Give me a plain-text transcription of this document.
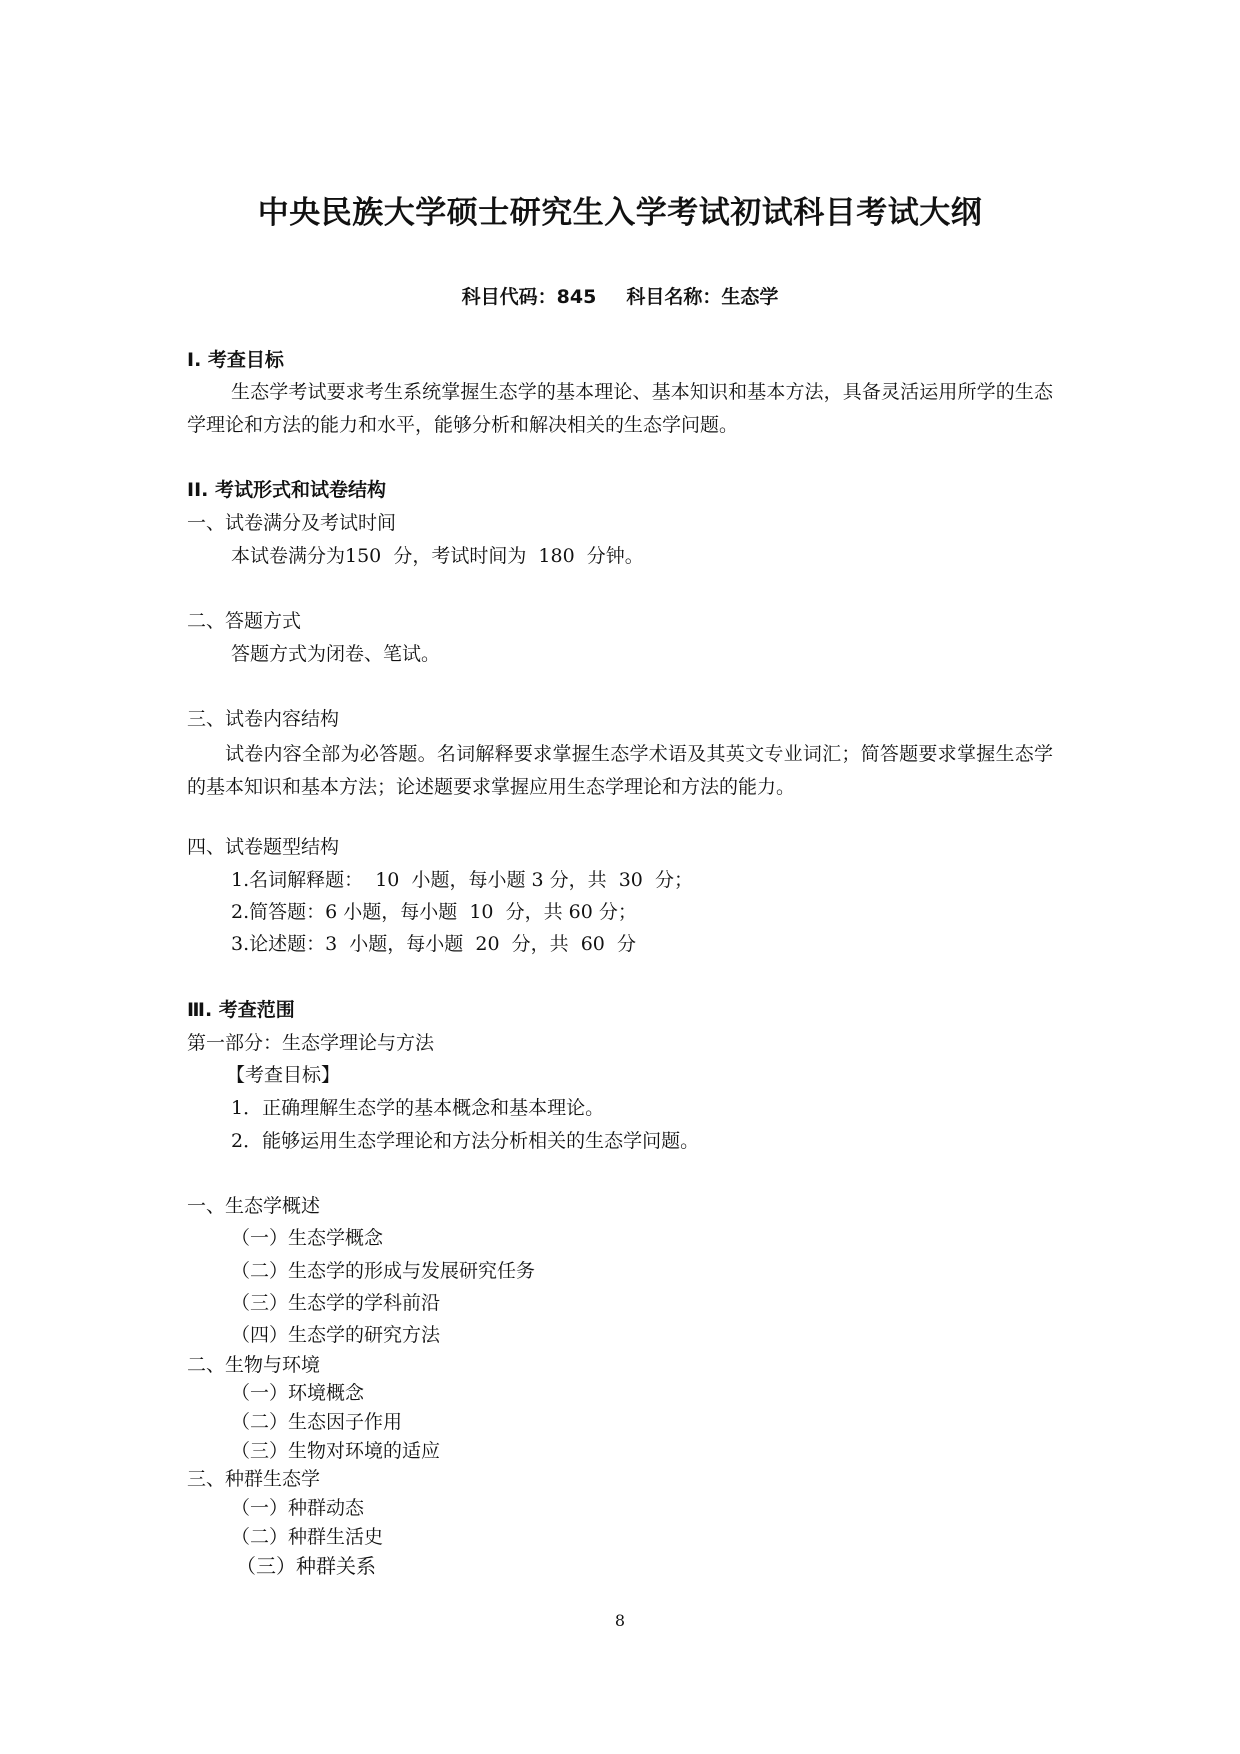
中央民族大学硕士研究生入学考试初试科目考试大纲
科目代码：845 科目名称：生态学
I. 考查目标
生态学考试要求考生系统掌握生态学的基本理论、基本知识和基本方法，具备灵活运用所学的生态学理论和方法的能力和水平，能够分析和解决相关的生态学问题。
II. 考试形式和试卷结构
一、试卷满分及考试时间
本试卷满分为150  分，考试时间为  180  分钟。
二、答题方式
答题方式为闭卷、笔试。
三、试卷内容结构
试卷内容全部为必答题。名词解释要求掌握生态学术语及其英文专业词汇；简答题要求掌握生态学的基本知识和基本方法；论述题要求掌握应用生态学理论和方法的能力。
四、试卷题型结构
1.名词解释题：  10  小题，每小题 3 分，共  30  分；
2.简答题：6 小题，每小题  10  分，共 60 分；
3.论述题：3  小题，每小题  20  分，共  60  分
Ⅲ. 考查范围
第一部分：生态学理论与方法
【考查目标】
1．正确理解生态学的基本概念和基本理论。
2．能够运用生态学理论和方法分析相关的生态学问题。
一、生态学概述
（一）生态学概念
（二）生态学的形成与发展研究任务
（三）生态学的学科前沿
（四）生态学的研究方法
二、生物与环境
（一）环境概念
（二）生态因子作用
（三）生物对环境的适应
三、种群生态学
（一）种群动态
（二）种群生活史
（三）种群关系
8
